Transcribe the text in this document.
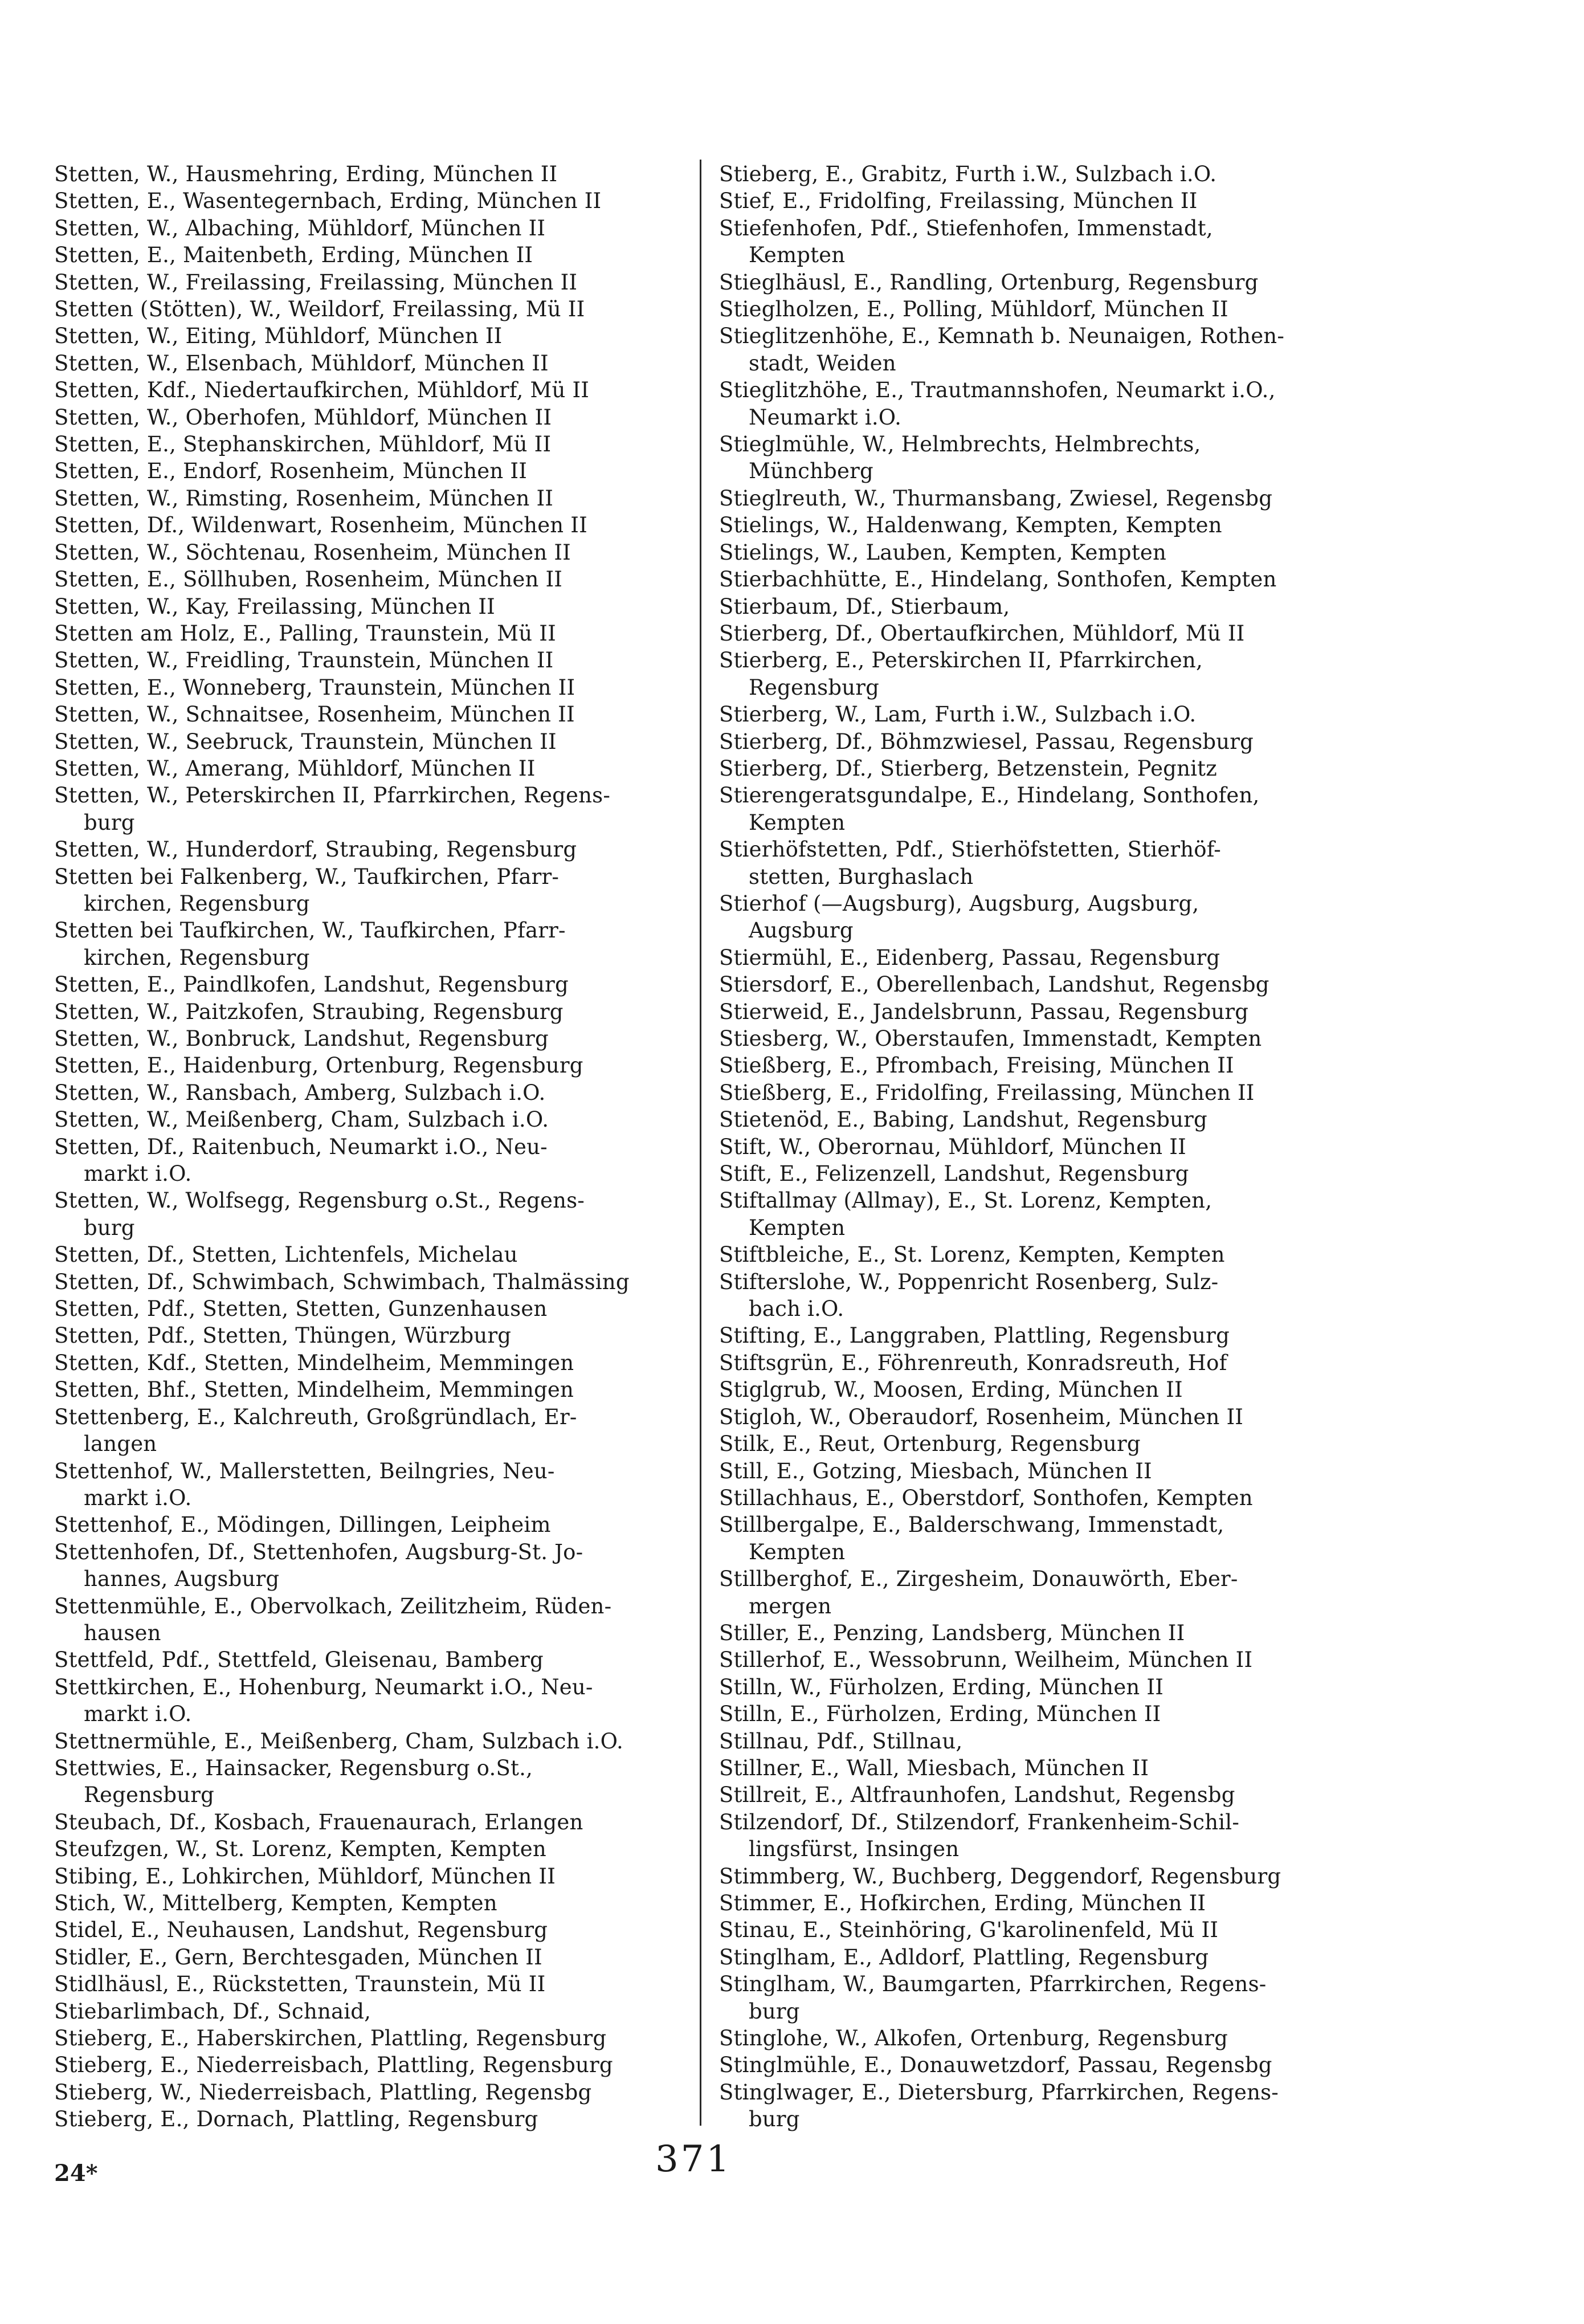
Stetten, W., Hausmehring, Erding, München II
Stetten, E., Wasentegernbach, Erding, München II
Stetten, W., Albaching, Mühldorf, München II
Stetten, E., Maitenbeth, Erding, München II
Stetten, W., Freilassing, Freilassing, München II
Stetten (Stötten), W., Weildorf, Freilassing, Mü II
Stetten, W., Eiting, Mühldorf, München II
Stetten, W., Elsenbach, Mühldorf, München II
Stetten, Kdf., Niedertaufkirchen, Mühldorf, Mü II
Stetten, W., Oberhofen, Mühldorf, München II
Stetten, E., Stephanskirchen, Mühldorf, Mü II
Stetten, E., Endorf, Rosenheim, München II
Stetten, W., Rimsting, Rosenheim, München II
Stetten, Df., Wildenwart, Rosenheim, München II
Stetten, W., Söchtenau, Rosenheim, München II
Stetten, E., Söllhuben, Rosenheim, München II
Stetten, W., Kay, Freilassing, München II
Stetten am Holz, E., Palling, Traunstein, Mü II
Stetten, W., Freidling, Traunstein, München II
Stetten, E., Wonneberg, Traunstein, München II
Stetten, W., Schnaitsee, Rosenheim, München II
Stetten, W., Seebruck, Traunstein, München II
Stetten, W., Amerang, Mühldorf, München II
Stetten, W., Peterskirchen II, Pfarrkirchen, Regens-
burg
Stetten, W., Hunderdorf, Straubing, Regensburg
Stetten bei Falkenberg, W., Taufkirchen, Pfarr-
kirchen, Regensburg
Stetten bei Taufkirchen, W., Taufkirchen, Pfarr-
kirchen, Regensburg
Stetten, E., Paindlkofen, Landshut, Regensburg
Stetten, W., Paitzkofen, Straubing, Regensburg
Stetten, W., Bonbruck, Landshut, Regensburg
Stetten, E., Haidenburg, Ortenburg, Regensburg
Stetten, W., Ransbach, Amberg, Sulzbach i.O.
Stetten, W., Meißenberg, Cham, Sulzbach i.O.
Stetten, Df., Raitenbuch, Neumarkt i.O., Neu-
markt i.O.
Stetten, W., Wolfsegg, Regensburg o.St., Regens-
burg
Stetten, Df., Stetten, Lichtenfels, Michelau
Stetten, Df., Schwimbach, Schwimbach, Thalmässing
Stetten, Pdf., Stetten, Stetten, Gunzenhausen
Stetten, Pdf., Stetten, Thüngen, Würzburg
Stetten, Kdf., Stetten, Mindelheim, Memmingen
Stetten, Bhf., Stetten, Mindelheim, Memmingen
Stettenberg, E., Kalchreuth, Großgründlach, Er-
langen
Stettenhof, W., Mallerstetten, Beilngries, Neu-
markt i.O.
Stettenhof, E., Mödingen, Dillingen, Leipheim
Stettenhofen, Df., Stettenhofen, Augsburg-St. Jo-
hannes, Augsburg
Stettenmühle, E., Obervolkach, Zeilitzheim, Rüden-
hausen
Stettfeld, Pdf., Stettfeld, Gleisenau, Bamberg
Stettkirchen, E., Hohenburg, Neumarkt i.O., Neu-
markt i.O.
Stettnermühle, E., Meißenberg, Cham, Sulzbach i.O.
Stettwies, E., Hainsacker, Regensburg o.St.,
Regensburg
Steubach, Df., Kosbach, Frauenaurach, Erlangen
Steufzgen, W., St. Lorenz, Kempten, Kempten
Stibing, E., Lohkirchen, Mühldorf, München II
Stich, W., Mittelberg, Kempten, Kempten
Stidel, E., Neuhausen, Landshut, Regensburg
Stidler, E., Gern, Berchtesgaden, München II
Stidlhäusl, E., Rückstetten, Traunstein, Mü II
Stiebarlimbach, Df., Schnaid,
Stieberg, E., Haberskirchen, Plattling, Regensburg
Stieberg, E., Niederreisbach, Plattling, Regensburg
Stieberg, W., Niederreisbach, Plattling, Regensbg
Stieberg, E., Dornach, Plattling, Regensburg
Stieberg, E., Grabitz, Furth i.W., Sulzbach i.O.
Stief, E., Fridolfing, Freilassing, München II
Stiefenhofen, Pdf., Stiefenhofen, Immenstadt,
Kempten
Stieglhäusl, E., Randling, Ortenburg, Regensburg
Stieglholzen, E., Polling, Mühldorf, München II
Stieglitzenhöhe, E., Kemnath b. Neunaigen, Rothen-
stadt, Weiden
Stieglitzhöhe, E., Trautmannshofen, Neumarkt i.O.,
Neumarkt i.O.
Stieglmühle, W., Helmbrechts, Helmbrechts,
Münchberg
Stieglreuth, W., Thurmansbang, Zwiesel, Regensbg
Stielings, W., Haldenwang, Kempten, Kempten
Stielings, W., Lauben, Kempten, Kempten
Stierbachhütte, E., Hindelang, Sonthofen, Kempten
Stierbaum, Df., Stierbaum,
Stierberg, Df., Obertaufkirchen, Mühldorf, Mü II
Stierberg, E., Peterskirchen II, Pfarrkirchen,
Regensburg
Stierberg, W., Lam, Furth i.W., Sulzbach i.O.
Stierberg, Df., Böhmzwiesel, Passau, Regensburg
Stierberg, Df., Stierberg, Betzenstein, Pegnitz
Stierengeratsgundalpe, E., Hindelang, Sonthofen,
Kempten
Stierhöfstetten, Pdf., Stierhöfstetten, Stierhöf-
stetten, Burghaslach
Stierhof (—Augsburg), Augsburg, Augsburg,
Augsburg
Stiermühl, E., Eidenberg, Passau, Regensburg
Stiersdorf, E., Oberellenbach, Landshut, Regensbg
Stierweid, E., Jandelsbrunn, Passau, Regensburg
Stiesberg, W., Oberstaufen, Immenstadt, Kempten
Stießberg, E., Pfrombach, Freising, München II
Stießberg, E., Fridolfing, Freilassing, München II
Stietenöd, E., Babing, Landshut, Regensburg
Stift, W., Oberornau, Mühldorf, München II
Stift, E., Felizenzell, Landshut, Regensburg
Stiftallmay (Allmay), E., St. Lorenz, Kempten,
Kempten
Stiftbleiche, E., St. Lorenz, Kempten, Kempten
Stifterslohe, W., Poppenricht Rosenberg, Sulz-
bach i.O.
Stifting, E., Langgraben, Plattling, Regensburg
Stiftsgrün, E., Föhrenreuth, Konradsreuth, Hof
Stiglgrub, W., Moosen, Erding, München II
Stigloh, W., Oberaudorf, Rosenheim, München II
Stilk, E., Reut, Ortenburg, Regensburg
Still, E., Gotzing, Miesbach, München II
Stillachhaus, E., Oberstdorf, Sonthofen, Kempten
Stillbergalpe, E., Balderschwang, Immenstadt,
Kempten
Stillberghof, E., Zirgesheim, Donauwörth, Eber-
mergen
Stiller, E., Penzing, Landsberg, München II
Stillerhof, E., Wessobrunn, Weilheim, München II
Stilln, W., Fürholzen, Erding, München II
Stilln, E., Fürholzen, Erding, München II
Stillnau, Pdf., Stillnau,
Stillner, E., Wall, Miesbach, München II
Stillreit, E., Altfraunhofen, Landshut, Regensbg
Stilzendorf, Df., Stilzendorf, Frankenheim-Schil-
lingsfürst, Insingen
Stimmberg, W., Buchberg, Deggendorf, Regensburg
Stimmer, E., Hofkirchen, Erding, München II
Stinau, E., Steinhöring, G'karolinenfeld, Mü II
Stinglham, E., Adldorf, Plattling, Regensburg
Stinglham, W., Baumgarten, Pfarrkirchen, Regens-
burg
Stinglohe, W., Alkofen, Ortenburg, Regensburg
Stinglmühle, E., Donauwetzdorf, Passau, Regensbg
Stinglwager, E., Dietersburg, Pfarrkirchen, Regens-
burg
24*	371
